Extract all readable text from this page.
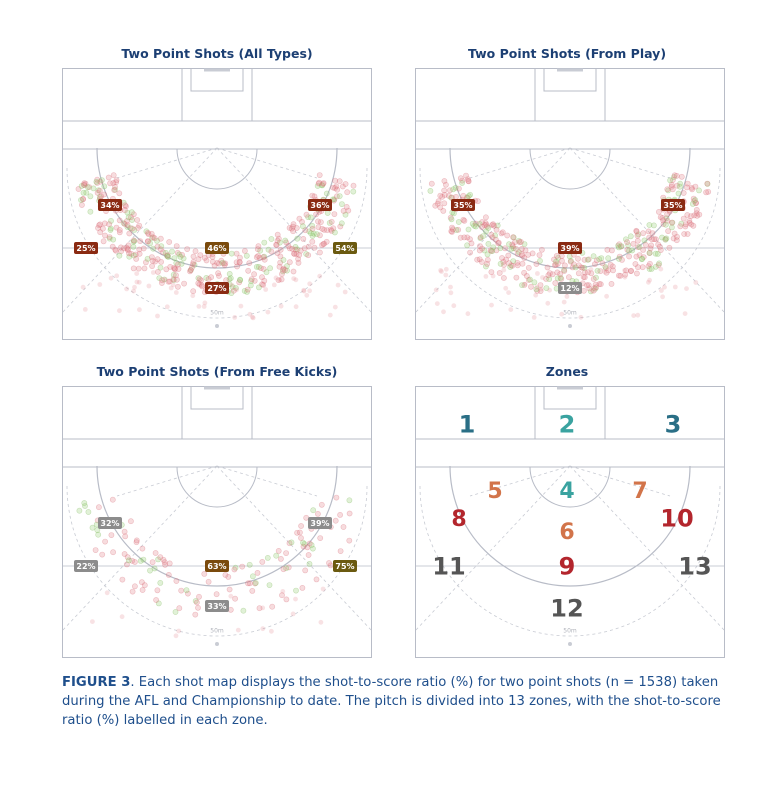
Two Point Shots (All Types)	Two Point Shots (From Play)
Two Point Shots (From Free Kicks)	Zones
50m
34%	36%
25%	46%	54%
27%
50m
35%	35%
39%
12%
50m
32%	39%
22%	63%	75%
33%
50m
1	2	3
4
5
6
7
8
9
10
11
12
13
FIGURE 3. Each shot map displays the shot-to-score ratio (%) for two point shots (n = 1538) taken during the AFL and Championship to date. The pitch is divided into 13 zones, with the shot-to-score ratio (%) labelled in each zone.
